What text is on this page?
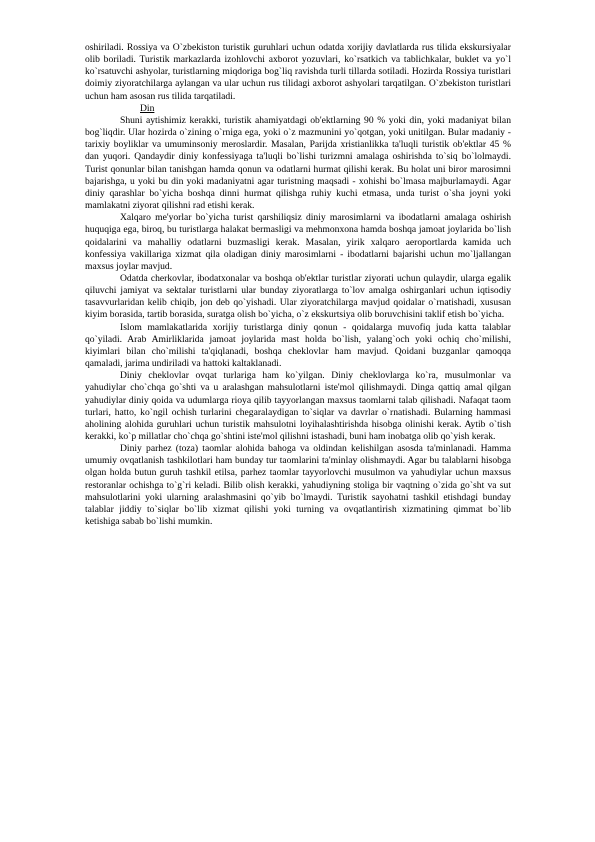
oshiriladi. Rossiya va O`zbekiston turistik guruhlari uchun odatda xorijiy davlatlarda rus tilida ekskursiyalar olib boriladi. Turistik markazlarda izohlovchi axborot yozuvlari, ko`rsatkich va tablichkalar, buklet va yo`l ko`rsatuvchi ashyolar, turistlarning miqdoriga bog`liq ravishda turli tillarda sotiladi. Hozirda Rossiya turistlari doimiy ziyoratchilarga aylangan va ular uchun rus tilidagi axborot ashyolari tarqatilgan. O`zbekiston turistlari uchun ham asosan rus tilida tarqatiladi.

Din

Shuni aytishimiz kerakki, turistik ahamiyatdagi ob'ektlarning 90 % yoki din, yoki madaniyat bilan bog`liqdir. Ular hozirda o`zining o`rniga ega, yoki o`z mazmunini yo`qotgan, yoki unitilgan. Bular madaniy - tarixiy boyliklar va umuminsoniy meroslardir. Masalan, Parijda xristianlikka ta'luqli turistik ob'ektlar 45 % dan yuqori. Qandaydir diniy konfessiyaga ta'luqli bo`lishi turizmni amalaga oshirishda to`siq bo`lolmaydi. Turist qonunlar bilan tanishgan hamda qonun va odatlarni hurmat qilishi kerak. Bu holat uni biror marosimni bajarishga, u yoki bu din yoki madaniyatni agar turistning maqsadi - xohishi bo`lmasa majburlamaydi. Agar diniy qarashlar bo`yicha boshqa dinni hurmat qilishga ruhiy kuchi etmasa, unda turist o`sha joyni yoki mamlakatni ziyorat qilishni rad etishi kerak.

Xalqaro me'yorlar bo`yicha turist qarshiliqsiz diniy marosimlarni va ibodatlarni amalaga oshirish huquqiga ega, biroq, bu turistlarga halakat bermasligi va mehmonxona hamda boshqa jamoat joylarida bo`lish qoidalarini va mahalliy odatlarni buzmasligi kerak. Masalan, yirik xalqaro aeroportlarda kamida uch konfessiya vakillariga xizmat qila oladigan diniy marosimlarni - ibodatlarni bajarishi uchun mo`ljallangan maxsus joylar mavjud.

Odatda cherkovlar, ibodatxonalar va boshqa ob'ektlar turistlar ziyorati uchun qulaydir, ularga egalik qiluvchi jamiyat va sektalar turistlarni ular bunday ziyoratlarga to`lov amalga oshirganlari uchun iqtisodiy tasavvurlaridan kelib chiqib, jon deb qo`yishadi. Ular ziyoratchilarga mavjud qoidalar o`rnatishadi, xususan kiyim borasida, tartib borasida, suratga olish bo`yicha, o`z ekskurtsiya olib boruvchisini taklif etish bo`yicha.

Islom mamlakatlarida xorijiy turistlarga diniy qonun - qoidalarga muvofiq juda katta talablar qo`yiladi. Arab Amirliklarida jamoat joylarida mast holda bo`lish, yalang`och yoki ochiq cho`milishi, kiyimlari bilan cho`milishi ta'qiqlanadi, boshqa cheklovlar ham mavjud. Qoidani buzganlar qamoqqa qamaladi, jarima undiriladi va hattoki kaltaklanadi.

Diniy cheklovlar ovqat turlariga ham ko`yilgan. Diniy cheklovlarga ko`ra, musulmonlar va yahudiylar cho`chqa go`shti va u aralashgan mahsulotlarni iste'mol qilishmaydi. Dinga qattiq amal qilgan yahudiylar diniy qoida va udumlarga rioya qilib tayyorlangan maxsus taomlarni talab qilishadi. Nafaqat taom turlari, hatto, ko`ngil ochish turlarini chegaralaydigan to`siqlar va davrlar o`rnatishadi. Bularning hammasi aholining alohida guruhlari uchun turistik mahsulotni loyihalashtirishda hisobga olinishi kerak. Aytib o`tish kerakki, ko`p millatlar cho`chqa go`shtini iste'mol qilishni istashadi, buni ham inobatga olib qo`yish kerak.

Diniy parhez (toza) taomlar alohida bahoga va oldindan kelishilgan asosda ta'minlanadi. Hamma umumiy ovqatlanish tashkilotlari ham bunday tur taomlarini ta'minlay olishmaydi. Agar bu talablarni hisobga olgan holda butun guruh tashkil etilsa, parhez taomlar tayyorlovchi musulmon va yahudiylar uchun maxsus restoranlar ochishga to`g`ri keladi. Bilib olish kerakki, yahudiyning stoliga bir vaqtning o`zida go`sht va sut mahsulotlarini yoki ularning aralashmasini qo`yib bo`lmaydi. Turistik sayohatni tashkil etishdagi bunday talablar jiddiy to`siqlar bo`lib xizmat qilishi yoki turning va ovqatlantirish xizmatining qimmat bo`lib ketishiga sabab bo`lishi mumkin.
